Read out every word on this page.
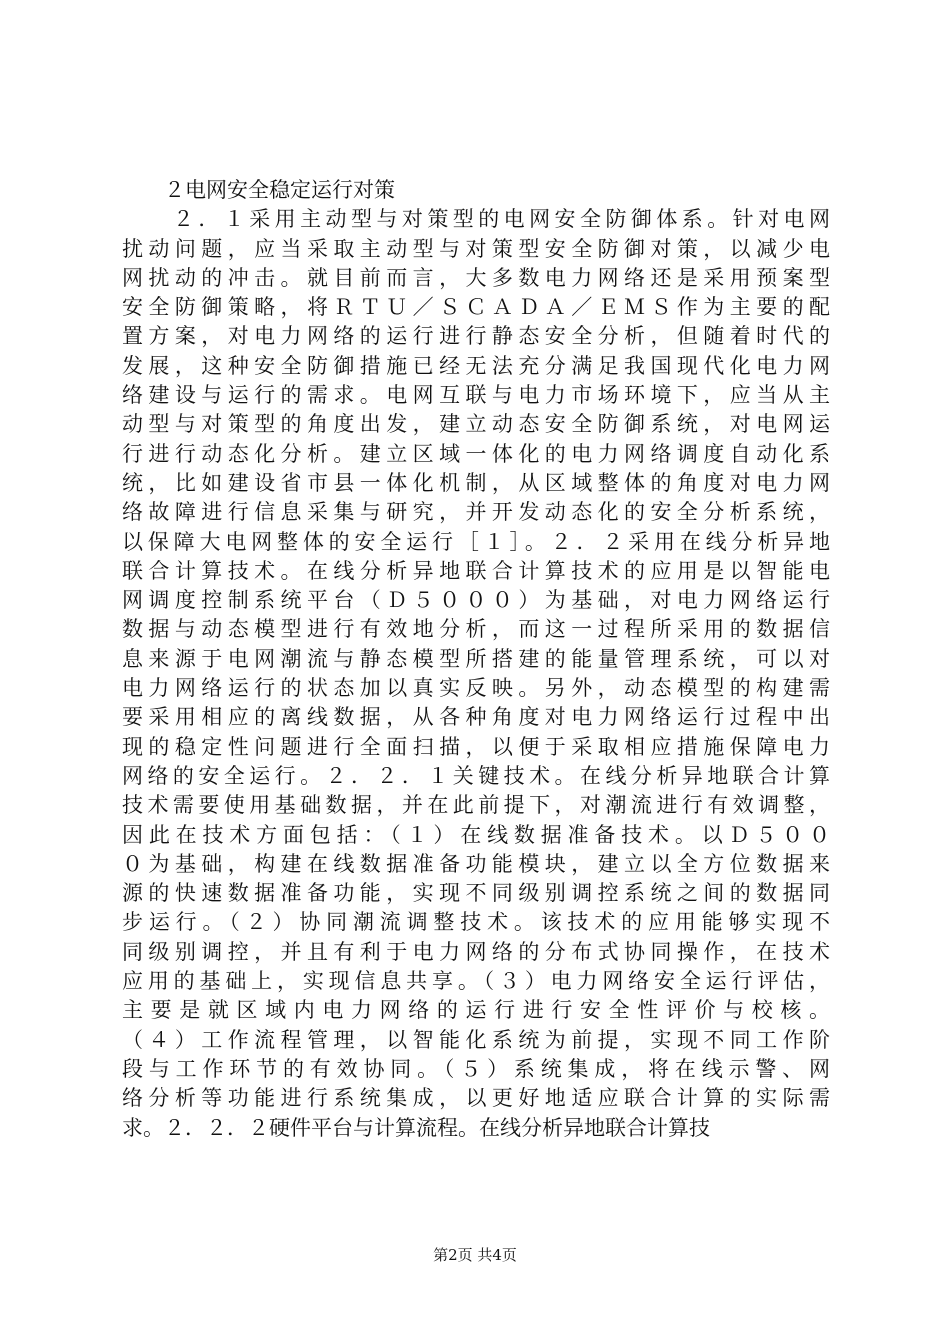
　　２电网安全稳定运行对策
　　２．１采用主动型与对策型的电网安全防御体系。针对电网
扰动问题，应当采取主动型与对策型安全防御对策，以减少电
网扰动的冲击。就目前而言，大多数电力网络还是采用预案型
安全防御策略，将ＲＴＵ／ＳＣＡＤＡ／ＥＭＳ作为主要的配
置方案，对电力网络的运行进行静态安全分析，但随着时代的
发展，这种安全防御措施已经无法充分满足我国现代化电力网
络建设与运行的需求。电网互联与电力市场环境下，应当从主
动型与对策型的角度出发，建立动态安全防御系统，对电网运
行进行动态化分析。建立区域一体化的电力网络调度自动化系
统，比如建设省市县一体化机制，从区域整体的角度对电力网
络故障进行信息采集与研究，并开发动态化的安全分析系统，
以保障大电网整体的安全运行［１］。２．２采用在线分析异地
联合计算技术。在线分析异地联合计算技术的应用是以智能电
网调度控制系统平台（Ｄ５０００）为基础，对电力网络运行
数据与动态模型进行有效地分析，而这一过程所采用的数据信
息来源于电网潮流与静态模型所搭建的能量管理系统，可以对
电力网络运行的状态加以真实反映。另外，动态模型的构建需
要采用相应的离线数据，从各种角度对电力网络运行过程中出
现的稳定性问题进行全面扫描，以便于采取相应措施保障电力
网络的安全运行。２．２．１关键技术。在线分析异地联合计算
技术需要使用基础数据，并在此前提下，对潮流进行有效调整，
因此在技术方面包括：（１）在线数据准备技术。以Ｄ５００
０为基础，构建在线数据准备功能模块，建立以全方位数据来
源的快速数据准备功能，实现不同级别调控系统之间的数据同
步运行。（２）协同潮流调整技术。该技术的应用能够实现不
同级别调控，并且有利于电力网络的分布式协同操作，在技术
应用的基础上，实现信息共享。（３）电力网络安全运行评估，
主要是就区域内电力网络的运行进行安全性评价与校核。
（４）工作流程管理，以智能化系统为前提，实现不同工作阶
段与工作环节的有效协同。（５）系统集成，将在线示警、网
络分析等功能进行系统集成，以更好地适应联合计算的实际需
求。２．２．２硬件平台与计算流程。在线分析异地联合计算技
第2页 共4页
